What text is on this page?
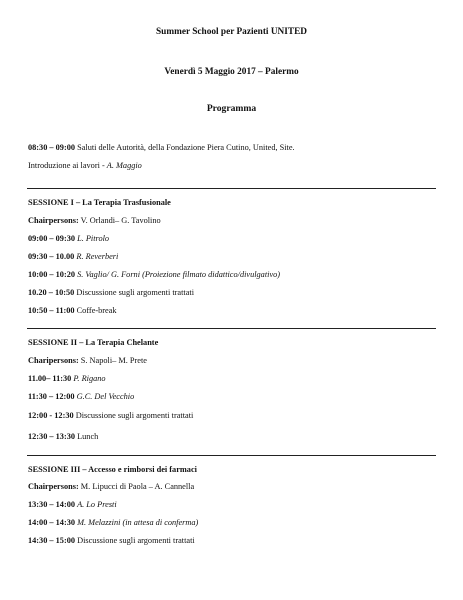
Summer School per Pazienti UNITED
Venerdì 5 Maggio 2017 – Palermo
Programma
08:30 – 09:00 Saluti delle Autorità, della Fondazione Piera Cutino, United, Site.
Introduzione ai lavori - A. Maggio
SESSIONE I – La Terapia Trasfusionale
Chairpersons: V. Orlandi– G. Tavolino
09:00 – 09:30 L. Pitrolo
09:30 – 10.00 R. Reverberi
10:00 – 10:20 S. Vaglio/ G. Forni (Proiezione filmato didattico/divulgativo)
10.20 – 10:50 Discussione sugli argomenti trattati
10:50 – 11:00 Coffe-break
SESSIONE II – La Terapia Chelante
Charipersons: S. Napoli– M. Prete
11.00– 11:30 P. Rigano
11:30 – 12:00 G.C. Del Vecchio
12:00 - 12:30 Discussione sugli argomenti trattati
12:30 – 13:30 Lunch
SESSIONE III – Accesso e rimborsi dei farmaci
Chairpersons: M. Lipucci di Paola – A. Cannella
13:30 – 14:00 A. Lo Presti
14:00 – 14:30 M. Melazzini (in attesa di conferma)
14:30 – 15:00 Discussione sugli argomenti trattati
